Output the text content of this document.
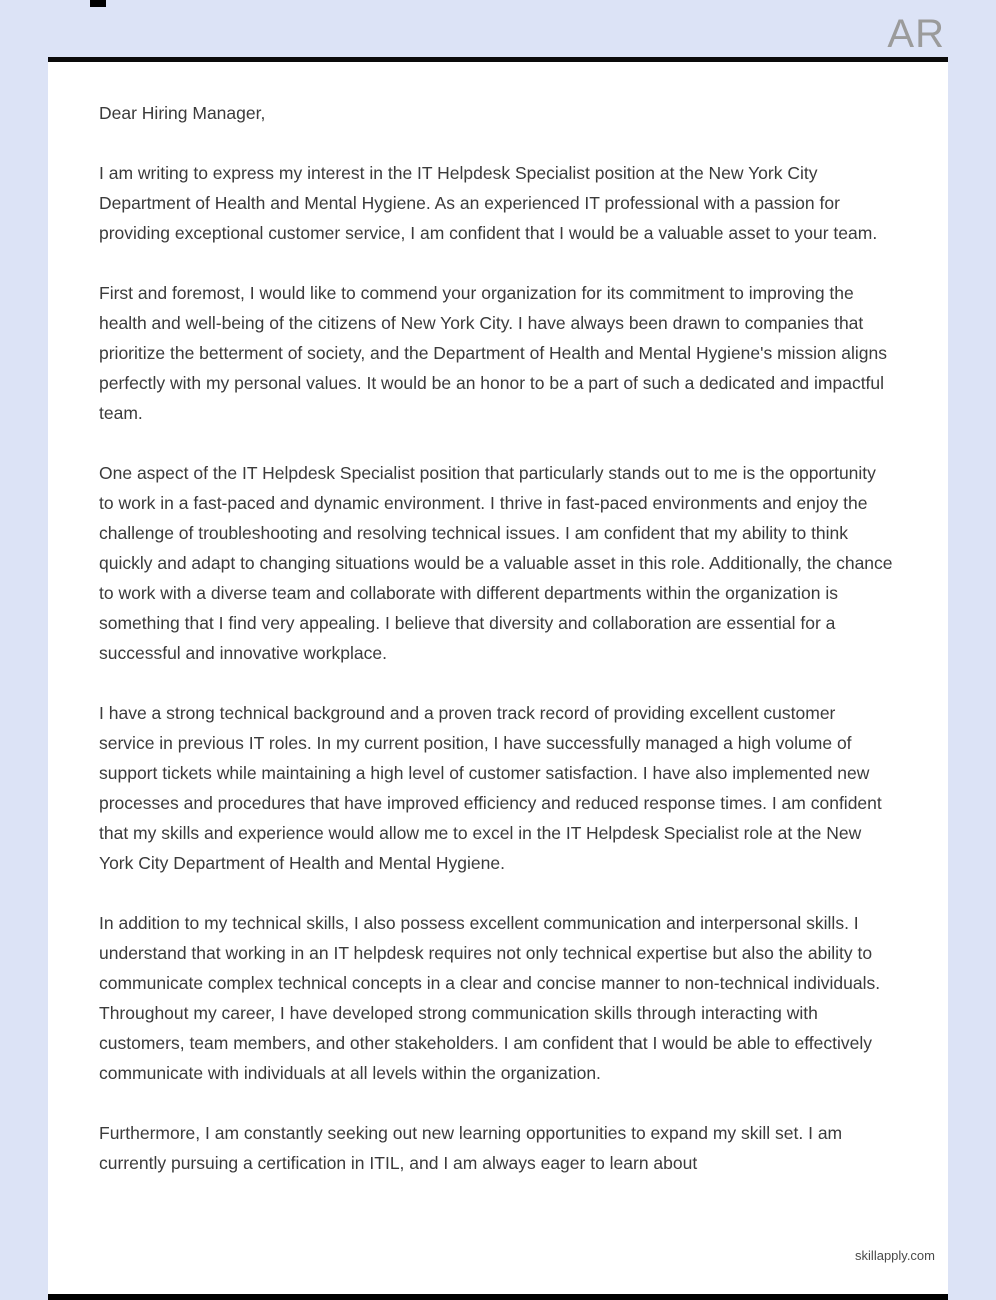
AR

Dear Hiring Manager,

I am writing to express my interest in the IT Helpdesk Specialist position at the New York City Department of Health and Mental Hygiene. As an experienced IT professional with a passion for providing exceptional customer service, I am confident that I would be a valuable asset to your team.

First and foremost, I would like to commend your organization for its commitment to improving the health and well-being of the citizens of New York City. I have always been drawn to companies that prioritize the betterment of society, and the Department of Health and Mental Hygiene's mission aligns perfectly with my personal values. It would be an honor to be a part of such a dedicated and impactful team.

One aspect of the IT Helpdesk Specialist position that particularly stands out to me is the opportunity to work in a fast-paced and dynamic environment. I thrive in fast-paced environments and enjoy the challenge of troubleshooting and resolving technical issues. I am confident that my ability to think quickly and adapt to changing situations would be a valuable asset in this role. Additionally, the chance to work with a diverse team and collaborate with different departments within the organization is something that I find very appealing. I believe that diversity and collaboration are essential for a successful and innovative workplace.

I have a strong technical background and a proven track record of providing excellent customer service in previous IT roles. In my current position, I have successfully managed a high volume of support tickets while maintaining a high level of customer satisfaction. I have also implemented new processes and procedures that have improved efficiency and reduced response times. I am confident that my skills and experience would allow me to excel in the IT Helpdesk Specialist role at the New York City Department of Health and Mental Hygiene.

In addition to my technical skills, I also possess excellent communication and interpersonal skills. I understand that working in an IT helpdesk requires not only technical expertise but also the ability to communicate complex technical concepts in a clear and concise manner to non-technical individuals. Throughout my career, I have developed strong communication skills through interacting with customers, team members, and other stakeholders. I am confident that I would be able to effectively communicate with individuals at all levels within the organization.

Furthermore, I am constantly seeking out new learning opportunities to expand my skill set. I am currently pursuing a certification in ITIL, and I am always eager to learn about

skillapply.com
